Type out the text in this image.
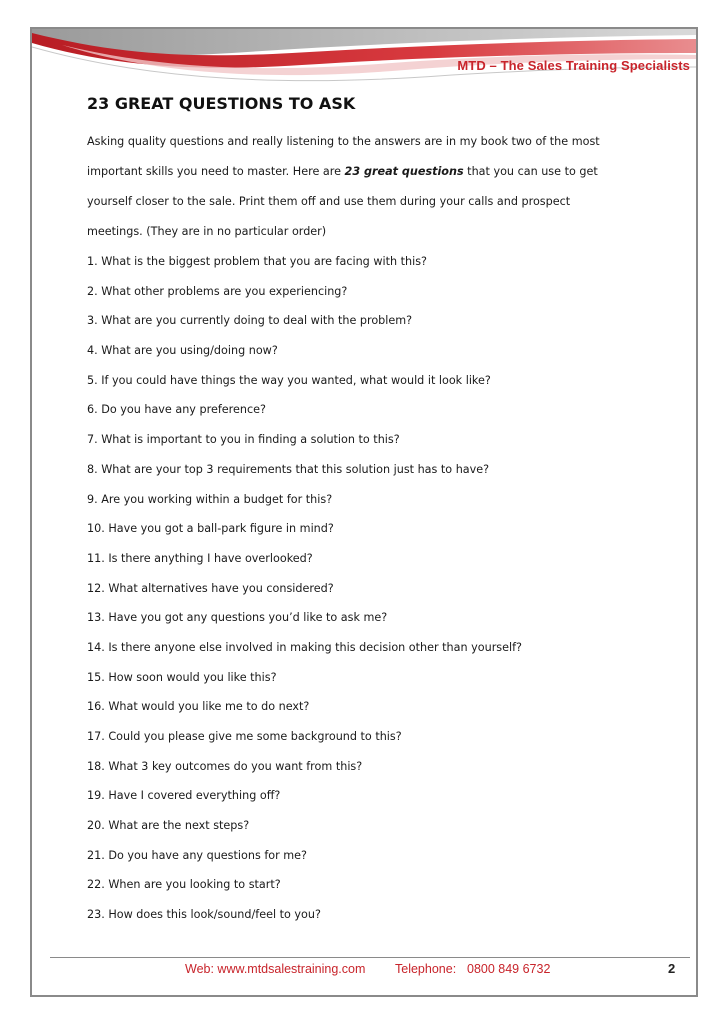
MTD – The Sales Training Specialists
23 GREAT QUESTIONS TO ASK

Asking quality questions and really listening to the answers are in my book two of the most
important skills you need to master. Here are 23 great questions that you can use to get
yourself closer to the sale. Print them off and use them during your calls and prospect
meetings. (They are in no particular order)

1. What is the biggest problem that you are facing with this?
2. What other problems are you experiencing?
3. What are you currently doing to deal with the problem?
4. What are you using/doing now?
5. If you could have things the way you wanted, what would it look like?
6. Do you have any preference?
7. What is important to you in finding a solution to this?
8. What are your top 3 requirements that this solution just has to have?
9. Are you working within a budget for this?
10. Have you got a ball-park figure in mind?
11. Is there anything I have overlooked?
12. What alternatives have you considered?
13. Have you got any questions you’d like to ask me?
14. Is there anyone else involved in making this decision other than yourself?
15. How soon would you like this?
16. What would you like me to do next?
17. Could you please give me some background to this?
18. What 3 key outcomes do you want from this?
19. Have I covered everything off?
20. What are the next steps?
21. Do you have any questions for me?
22. When are you looking to start?
23. How does this look/sound/feel to you?
Web: www.mtdsalestraining.com Telephone: 0800 849 6732	2
